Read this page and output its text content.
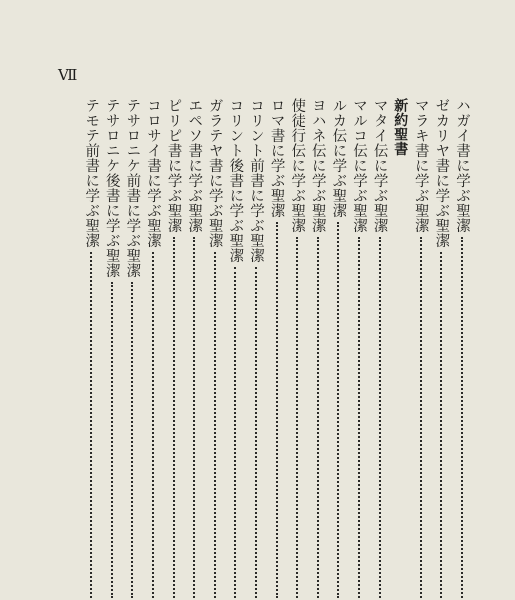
Ⅶ
ハガイ書に学ぶ聖潔
ゼカリヤ書に学ぶ聖潔
マラキ書に学ぶ聖潔
新約聖書
マタイ伝に学ぶ聖潔
マルコ伝に学ぶ聖潔
ルカ伝に学ぶ聖潔
ヨハネ伝に学ぶ聖潔
使徒行伝に学ぶ聖潔
ロマ書に学ぶ聖潔
コリント前書に学ぶ聖潔
コリント後書に学ぶ聖潔
ガラテヤ書に学ぶ聖潔
エペソ書に学ぶ聖潔
ピリピ書に学ぶ聖潔
コロサイ書に学ぶ聖潔
テサロニケ前書に学ぶ聖潔
テサロニケ後書に学ぶ聖潔
テモテ前書に学ぶ聖潔
